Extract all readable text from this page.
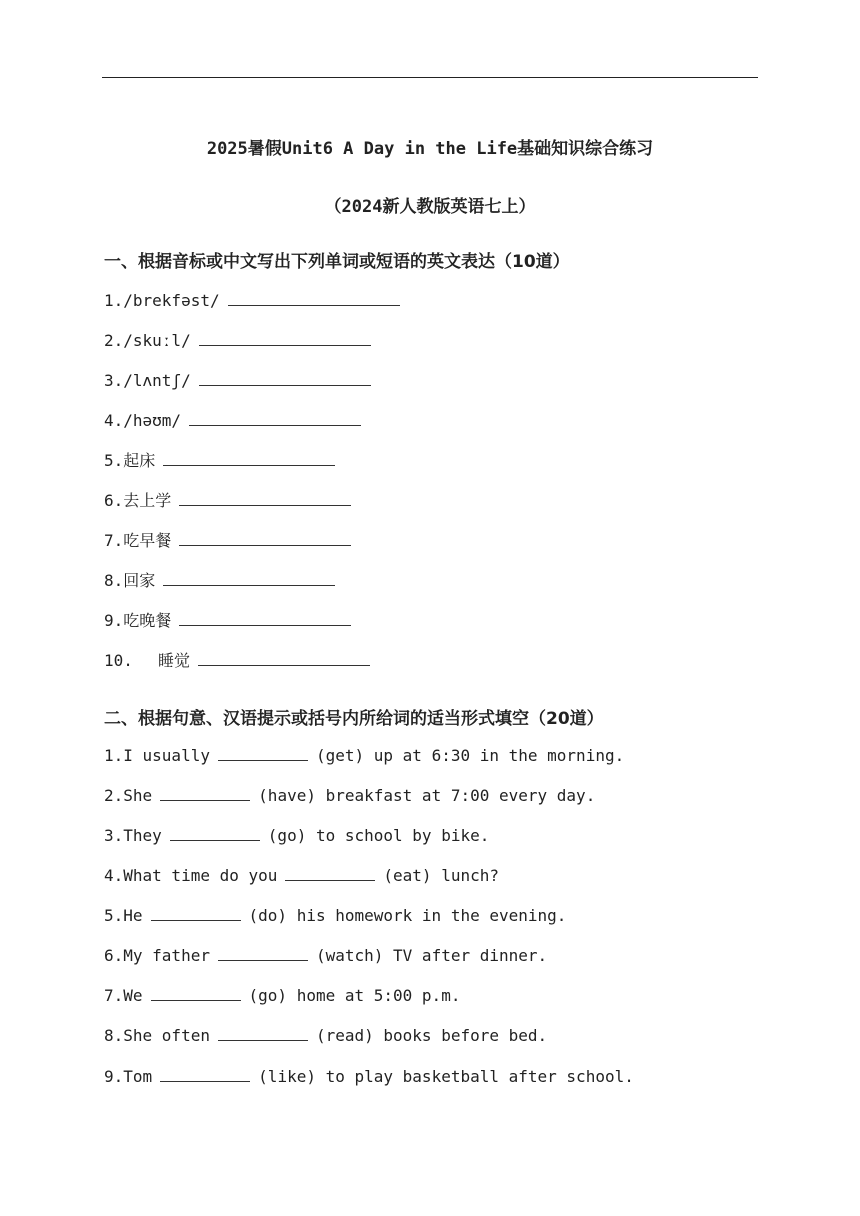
2025暑假Unit6 A Day in the Life基础知识综合练习
（2024新人教版英语七上）
一、根据音标或中文写出下列单词或短语的英文表达（10道）
1./brekfəst/
2./skuːl/
3./lʌntʃ/
4./həʊm/
5.起床
6.去上学
7.吃早餐
8.回家
9.吃晚餐
10. 睡觉
二、根据句意、汉语提示或括号内所给词的适当形式填空（20道）
1.I usually	(get) up at 6:30 in the morning.
2.She	(have) breakfast at 7:00 every day.
3.They	(go) to school by bike.
4.What time do you	(eat) lunch?
5.He	(do) his homework in the evening.
6.My father	(watch) TV after dinner.
7.We	(go) home at 5:00 p.m.
8.She often	(read) books before bed.
9.Tom	(like) to play basketball after school.
